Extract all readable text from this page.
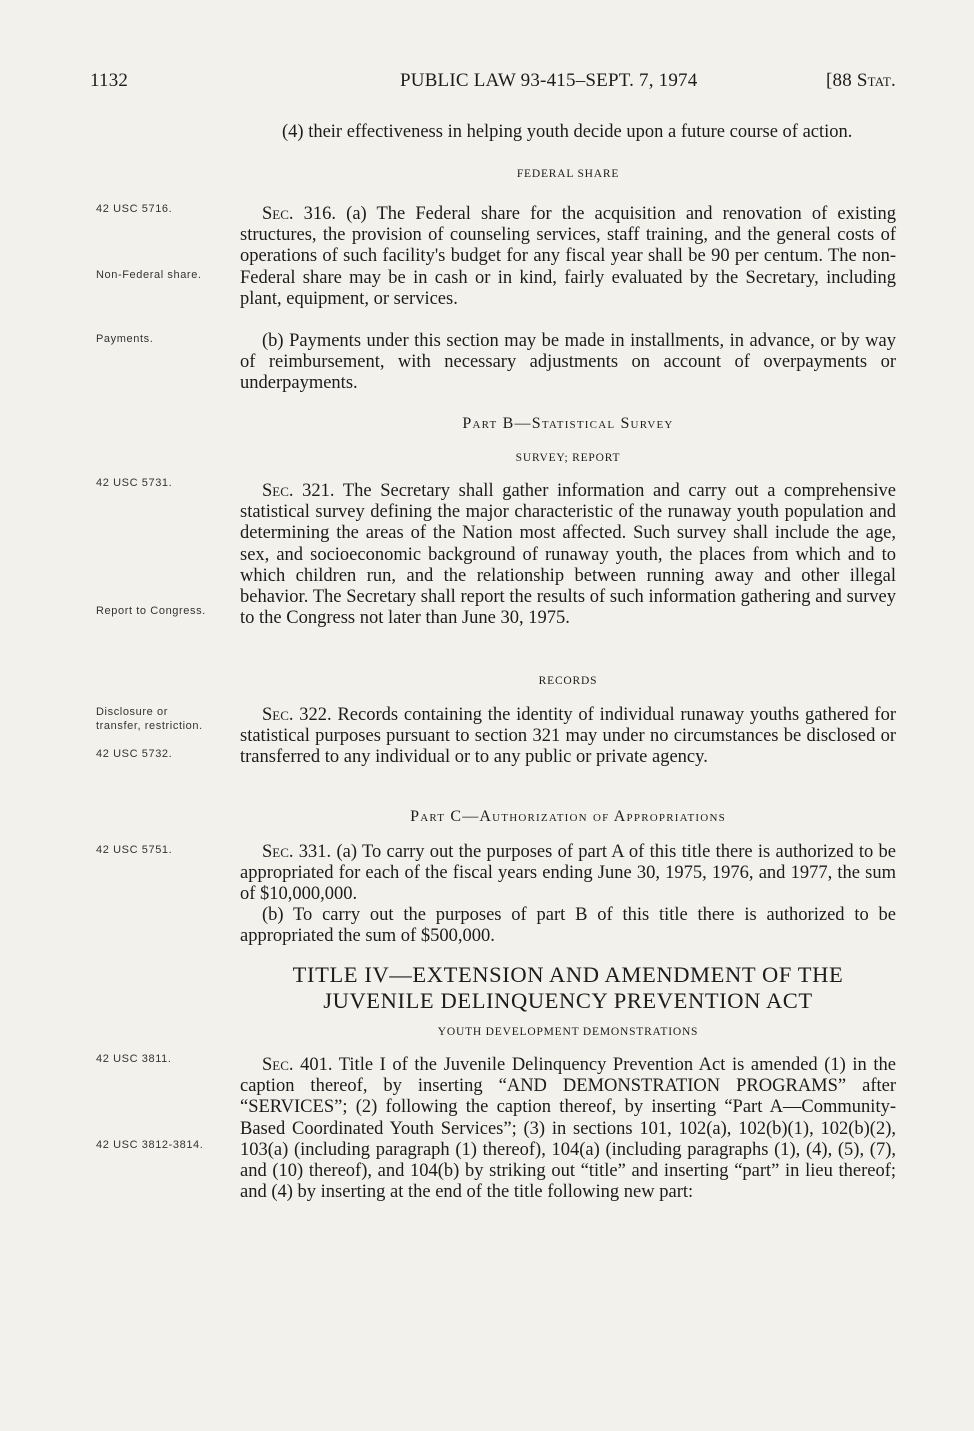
1132	PUBLIC LAW 93-415–SEPT. 7, 1974	[88 Stat.
42 USC 5716.
Non-Federal share.
Payments.
42 USC 5731.
Report to Congress.
Disclosure or transfer, restriction.
42 USC 5732.
42 USC 5751.
42 USC 3811.
42 USC 3812-3814.

(4) their effectiveness in helping youth decide upon a future course of action.

FEDERAL SHARE

Sec. 316. (a) The Federal share for the acquisition and renovation of existing structures, the provision of counseling services, staff training, and the general costs of operations of such facility's budget for any fiscal year shall be 90 per centum. The non-Federal share may be in cash or in kind, fairly evaluated by the Secretary, including plant, equipment, or services.

(b) Payments under this section may be made in installments, in advance, or by way of reimbursement, with necessary adjustments on account of overpayments or underpayments.

Part B—Statistical Survey
SURVEY; REPORT

Sec. 321. The Secretary shall gather information and carry out a comprehensive statistical survey defining the major characteristic of the runaway youth population and determining the areas of the Nation most affected. Such survey shall include the age, sex, and socioeconomic background of runaway youth, the places from which and to which children run, and the relationship between running away and other illegal behavior. The Secretary shall report the results of such information gathering and survey to the Congress not later than June 30, 1975.

RECORDS

Sec. 322. Records containing the identity of individual runaway youths gathered for statistical purposes pursuant to section 321 may under no circumstances be disclosed or transferred to any individual or to any public or private agency.

Part C—Authorization of Appropriations

Sec. 331. (a) To carry out the purposes of part A of this title there is authorized to be appropriated for each of the fiscal years ending June 30, 1975, 1976, and 1977, the sum of $10,000,000.

(b) To carry out the purposes of part B of this title there is authorized to be appropriated the sum of $500,000.

TITLE IV—EXTENSION AND AMENDMENT OF THE
JUVENILE DELINQUENCY PREVENTION ACT
YOUTH DEVELOPMENT DEMONSTRATIONS

Sec. 401. Title I of the Juvenile Delinquency Prevention Act is amended (1) in the caption thereof, by inserting “AND DEMONSTRATION PROGRAMS” after “SERVICES”; (2) following the caption thereof, by inserting “Part A—Community-Based Coordinated Youth Services”; (3) in sections 101, 102(a), 102(b)(1), 102(b)(2), 103(a) (including paragraph (1) thereof), 104(a) (including paragraphs (1), (4), (5), (7), and (10) thereof), and 104(b) by striking out “title” and inserting “part” in lieu thereof; and (4) by inserting at the end of the title following new part:
